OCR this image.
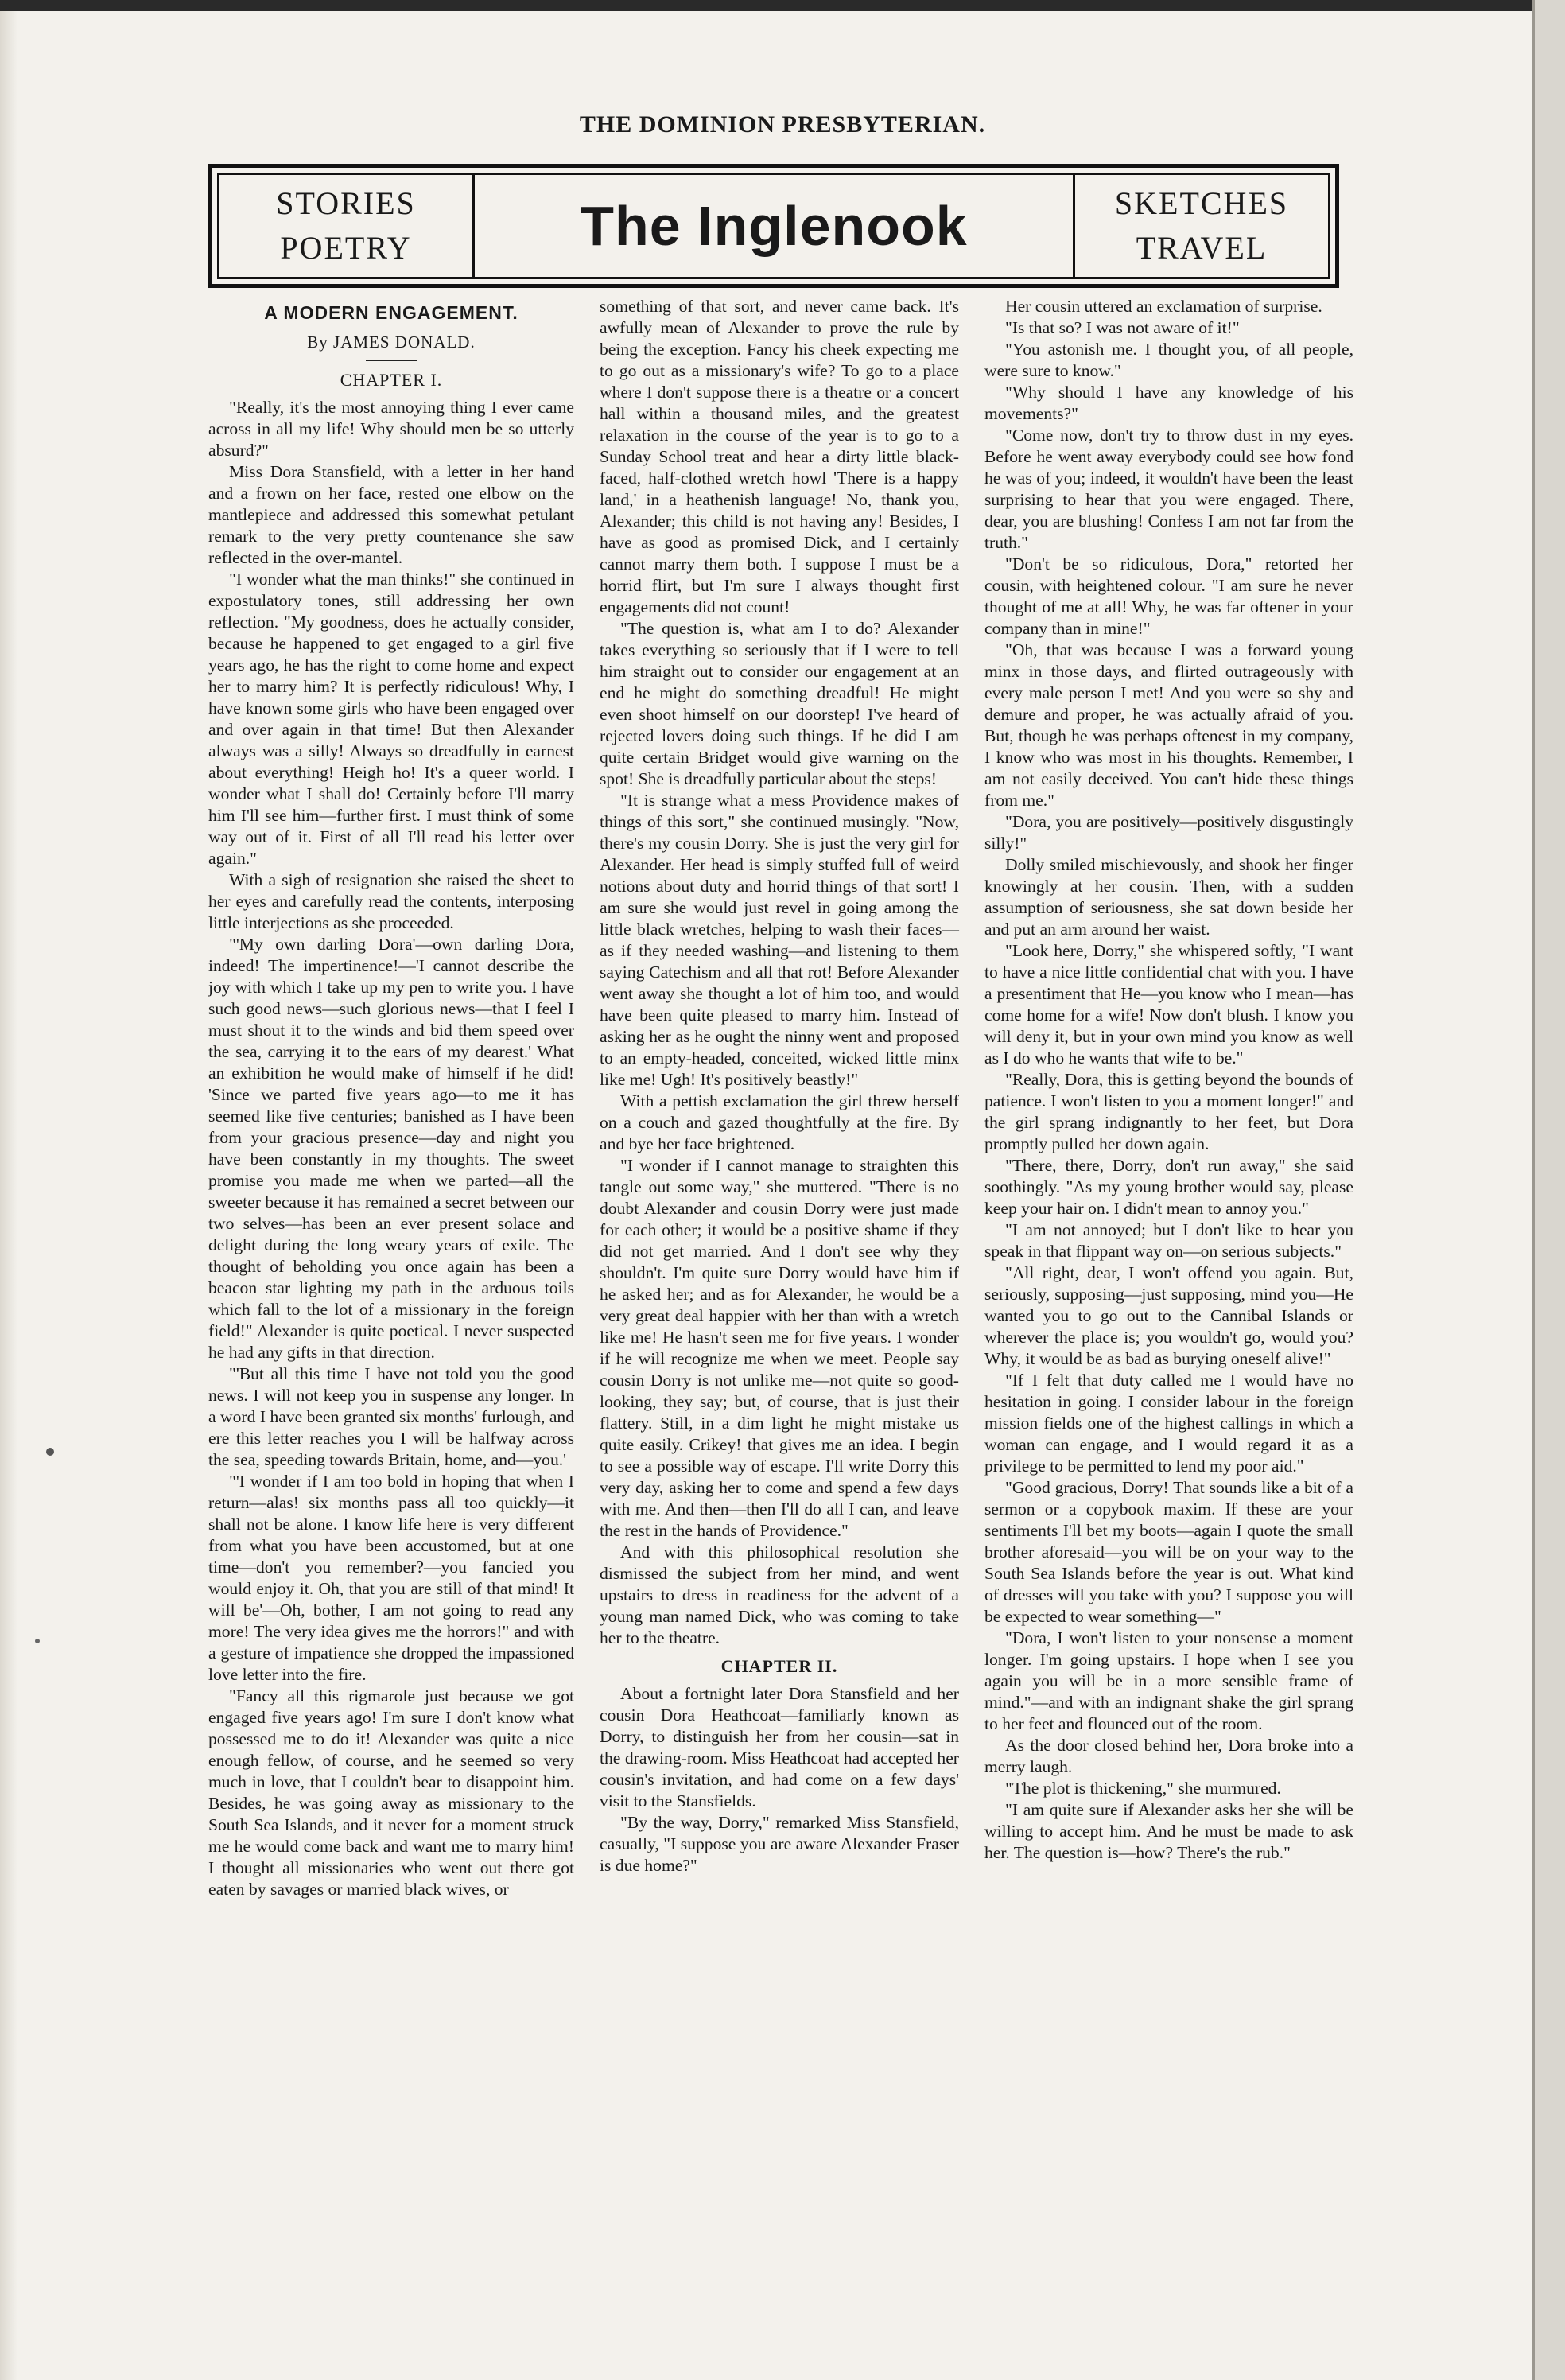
THE DOMINION PRESBYTERIAN.
STORIES
POETRY	The Inglenook	SKETCHES
TRAVEL
A MODERN ENGAGEMENT.
By JAMES DONALD.
CHAPTER I.

"Really, it's the most annoying thing I ever came across in all my life! Why should men be so utterly absurd?"

Miss Dora Stansfield, with a letter in her hand and a frown on her face, rested one elbow on the mantlepiece and addressed this somewhat petulant remark to the very pretty countenance she saw reflected in the over-mantel.

"I wonder what the man thinks!" she continued in expostulatory tones, still addressing her own reflection. "My goodness, does he actually consider, because he happened to get engaged to a girl five years ago, he has the right to come home and expect her to marry him? It is perfectly ridiculous! Why, I have known some girls who have been engaged over and over again in that time! But then Alexander always was a silly! Always so dreadfully in earnest about everything! Heigh ho! It's a queer world. I wonder what I shall do! Certainly before I'll marry him I'll see him—further first. I must think of some way out of it. First of all I'll read his letter over again."

With a sigh of resignation she raised the sheet to her eyes and carefully read the contents, interposing little interjections as she proceeded.

"'My own darling Dora'—own darling Dora, indeed! The impertinence!—'I cannot describe the joy with which I take up my pen to write you. I have such good news—such glorious news—that I feel I must shout it to the winds and bid them speed over the sea, carrying it to the ears of my dearest.' What an exhibition he would make of himself if he did! 'Since we parted five years ago—to me it has seemed like five centuries; banished as I have been from your gracious presence—day and night you have been constantly in my thoughts. The sweet promise you made me when we parted—all the sweeter because it has remained a secret between our two selves—has been an ever present solace and delight during the long weary years of exile. The thought of beholding you once again has been a beacon star lighting my path in the arduous toils which fall to the lot of a missionary in the foreign field!" Alexander is quite poetical. I never suspected he had any gifts in that direction.

"'But all this time I have not told you the good news. I will not keep you in suspense any longer. In a word I have been granted six months' furlough, and ere this letter reaches you I will be halfway across the sea, speeding towards Britain, home, and—you.'

"'I wonder if I am too bold in hoping that when I return—alas! six months pass all too quickly—it shall not be alone. I know life here is very different from what you have been accustomed, but at one time—don't you remember?—you fancied you would enjoy it. Oh, that you are still of that mind! It will be'—Oh, bother, I am not going to read any more! The very idea gives me the horrors!" and with a gesture of impatience she dropped the impassioned love letter into the fire.

"Fancy all this rigmarole just because we got engaged five years ago! I'm sure I don't know what possessed me to do it! Alexander was quite a nice enough fellow, of course, and he seemed so very much in love, that I couldn't bear to disappoint him. Besides, he was going away as missionary to the South Sea Islands, and it never for a moment struck me he would come back and want me to marry him! I thought all missionaries who went out there got eaten by savages or married black wives, or

something of that sort, and never came back. It's awfully mean of Alexander to prove the rule by being the exception. Fancy his cheek expecting me to go out as a missionary's wife? To go to a place where I don't suppose there is a theatre or a concert hall within a thousand miles, and the greatest relaxation in the course of the year is to go to a Sunday School treat and hear a dirty little black-faced, half-clothed wretch howl 'There is a happy land,' in a heathenish language! No, thank you, Alexander; this child is not having any! Besides, I have as good as promised Dick, and I certainly cannot marry them both. I suppose I must be a horrid flirt, but I'm sure I always thought first engagements did not count!

"The question is, what am I to do? Alexander takes everything so seriously that if I were to tell him straight out to consider our engagement at an end he might do something dreadful! He might even shoot himself on our doorstep! I've heard of rejected lovers doing such things. If he did I am quite certain Bridget would give warning on the spot! She is dreadfully particular about the steps!

"It is strange what a mess Providence makes of things of this sort," she continued musingly. "Now, there's my cousin Dorry. She is just the very girl for Alexander. Her head is simply stuffed full of weird notions about duty and horrid things of that sort! I am sure she would just revel in going among the little black wretches, helping to wash their faces—as if they needed washing—and listening to them saying Catechism and all that rot! Before Alexander went away she thought a lot of him too, and would have been quite pleased to marry him. Instead of asking her as he ought the ninny went and proposed to an empty-headed, conceited, wicked little minx like me! Ugh! It's positively beastly!"

With a pettish exclamation the girl threw herself on a couch and gazed thoughtfully at the fire. By and bye her face brightened.

"I wonder if I cannot manage to straighten this tangle out some way," she muttered. "There is no doubt Alexander and cousin Dorry were just made for each other; it would be a positive shame if they did not get married. And I don't see why they shouldn't. I'm quite sure Dorry would have him if he asked her; and as for Alexander, he would be a very great deal happier with her than with a wretch like me! He hasn't seen me for five years. I wonder if he will recognize me when we meet. People say cousin Dorry is not unlike me—not quite so good-looking, they say; but, of course, that is just their flattery. Still, in a dim light he might mistake us quite easily. Crikey! that gives me an idea. I begin to see a possible way of escape. I'll write Dorry this very day, asking her to come and spend a few days with me. And then—then I'll do all I can, and leave the rest in the hands of Providence."

And with this philosophical resolution she dismissed the subject from her mind, and went upstairs to dress in readiness for the advent of a young man named Dick, who was coming to take her to the theatre.

CHAPTER II.

About a fortnight later Dora Stansfield and her cousin Dora Heathcoat—familiarly known as Dorry, to distinguish her from her cousin—sat in the drawing-room. Miss Heathcoat had accepted her cousin's invitation, and had come on a few days' visit to the Stansfields.

"By the way, Dorry," remarked Miss Stansfield, casually, "I suppose you are aware Alexander Fraser is due home?"

Her cousin uttered an exclamation of surprise.

"Is that so? I was not aware of it!"

"You astonish me. I thought you, of all people, were sure to know."

"Why should I have any knowledge of his movements?"

"Come now, don't try to throw dust in my eyes. Before he went away everybody could see how fond he was of you; indeed, it wouldn't have been the least surprising to hear that you were engaged. There, dear, you are blushing! Confess I am not far from the truth."

"Don't be so ridiculous, Dora," retorted her cousin, with heightened colour. "I am sure he never thought of me at all! Why, he was far oftener in your company than in mine!"

"Oh, that was because I was a forward young minx in those days, and flirted outrageously with every male person I met! And you were so shy and demure and proper, he was actually afraid of you. But, though he was perhaps oftenest in my company, I know who was most in his thoughts. Remember, I am not easily deceived. You can't hide these things from me."

"Dora, you are positively—positively disgustingly silly!"

Dolly smiled mischievously, and shook her finger knowingly at her cousin. Then, with a sudden assumption of seriousness, she sat down beside her and put an arm around her waist.

"Look here, Dorry," she whispered softly, "I want to have a nice little confidential chat with you. I have a presentiment that He—you know who I mean—has come home for a wife! Now don't blush. I know you will deny it, but in your own mind you know as well as I do who he wants that wife to be."

"Really, Dora, this is getting beyond the bounds of patience. I won't listen to you a moment longer!" and the girl sprang indignantly to her feet, but Dora promptly pulled her down again.

"There, there, Dorry, don't run away," she said soothingly. "As my young brother would say, please keep your hair on. I didn't mean to annoy you."

"I am not annoyed; but I don't like to hear you speak in that flippant way on—on serious subjects."

"All right, dear, I won't offend you again. But, seriously, supposing—just supposing, mind you—He wanted you to go out to the Cannibal Islands or wherever the place is; you wouldn't go, would you? Why, it would be as bad as burying oneself alive!"

"If I felt that duty called me I would have no hesitation in going. I consider labour in the foreign mission fields one of the highest callings in which a woman can engage, and I would regard it as a privilege to be permitted to lend my poor aid."

"Good gracious, Dorry! That sounds like a bit of a sermon or a copybook maxim. If these are your sentiments I'll bet my boots—again I quote the small brother aforesaid—you will be on your way to the South Sea Islands before the year is out. What kind of dresses will you take with you? I suppose you will be expected to wear something—"

"Dora, I won't listen to your nonsense a moment longer. I'm going upstairs. I hope when I see you again you will be in a more sensible frame of mind."—and with an indignant shake the girl sprang to her feet and flounced out of the room.

As the door closed behind her, Dora broke into a merry laugh.

"The plot is thickening," she murmured.

"I am quite sure if Alexander asks her she will be willing to accept him. And he must be made to ask her. The question is—how? There's the rub."
